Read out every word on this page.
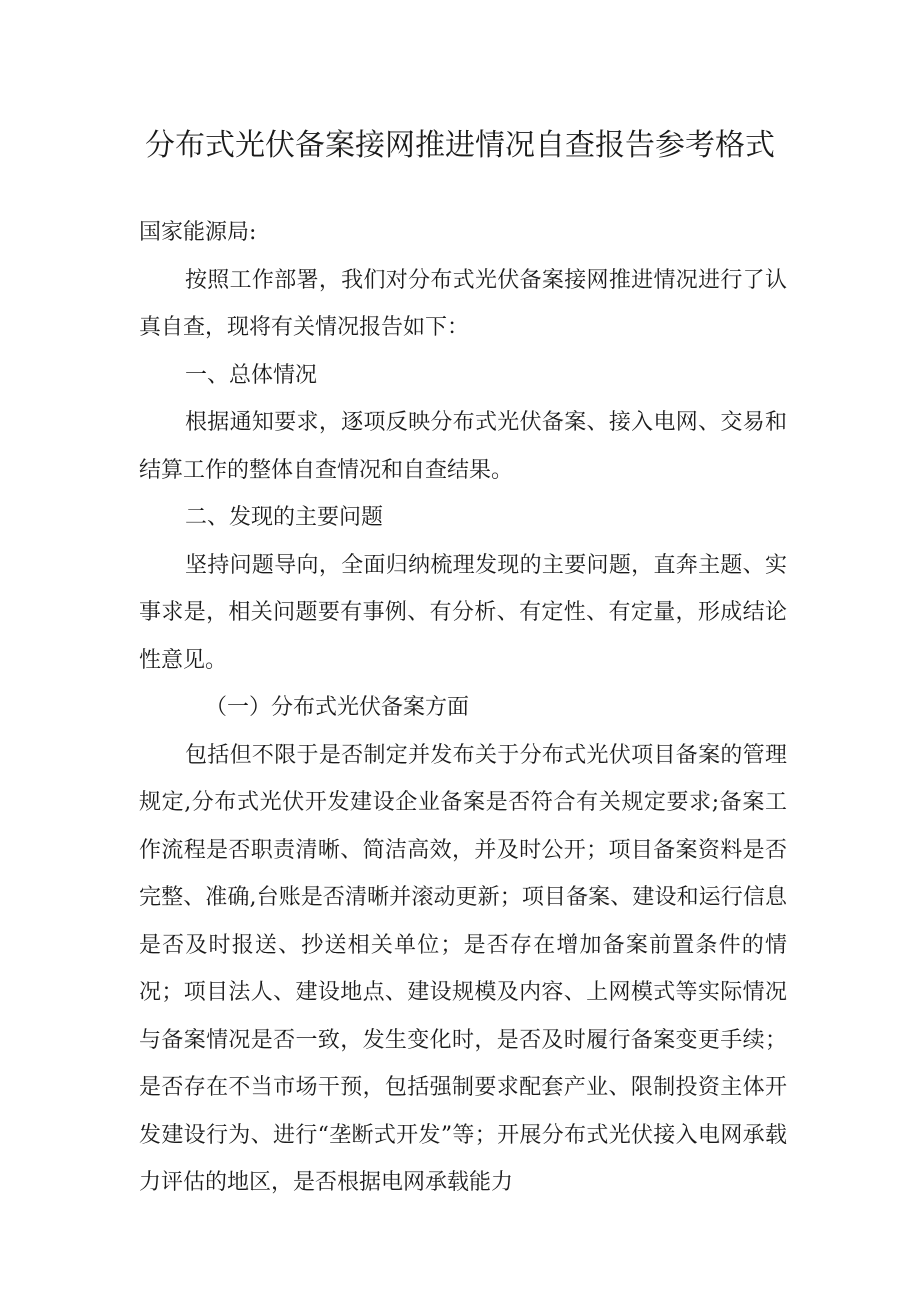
分布式光伏备案接网推进情况自查报告参考格式

国家能源局:

按照工作部署，我们对分布式光伏备案接网推进情况进行了认真自查，现将有关情况报告如下：

一、总体情况

根据通知要求，逐项反映分布式光伏备案、接入电网、交易和结算工作的整体自查情况和自查结果。

二、发现的主要问题

坚持问题导向，全面归纳梳理发现的主要问题，直奔主题、实事求是，相关问题要有事例、有分析、有定性、有定量，形成结论性意见。

（一）分布式光伏备案方面

包括但不限于是否制定并发布关于分布式光伏项目备案的管理规定,分布式光伏开发建设企业备案是否符合有关规定要求;备案工作流程是否职责清晰、简洁高效，并及时公开；项目备案资料是否完整、准确,台账是否清晰并滚动更新；项目备案、建设和运行信息是否及时报送、抄送相关单位；是否存在增加备案前置条件的情况；项目法人、建设地点、建设规模及内容、上网模式等实际情况与备案情况是否一致，发生变化时，是否及时履行备案变更手续；是否存在不当市场干预，包括强制要求配套产业、限制投资主体开发建设行为、进行“垄断式开发”等；开展分布式光伏接入电网承载力评估的地区，是否根据电网承载能力
